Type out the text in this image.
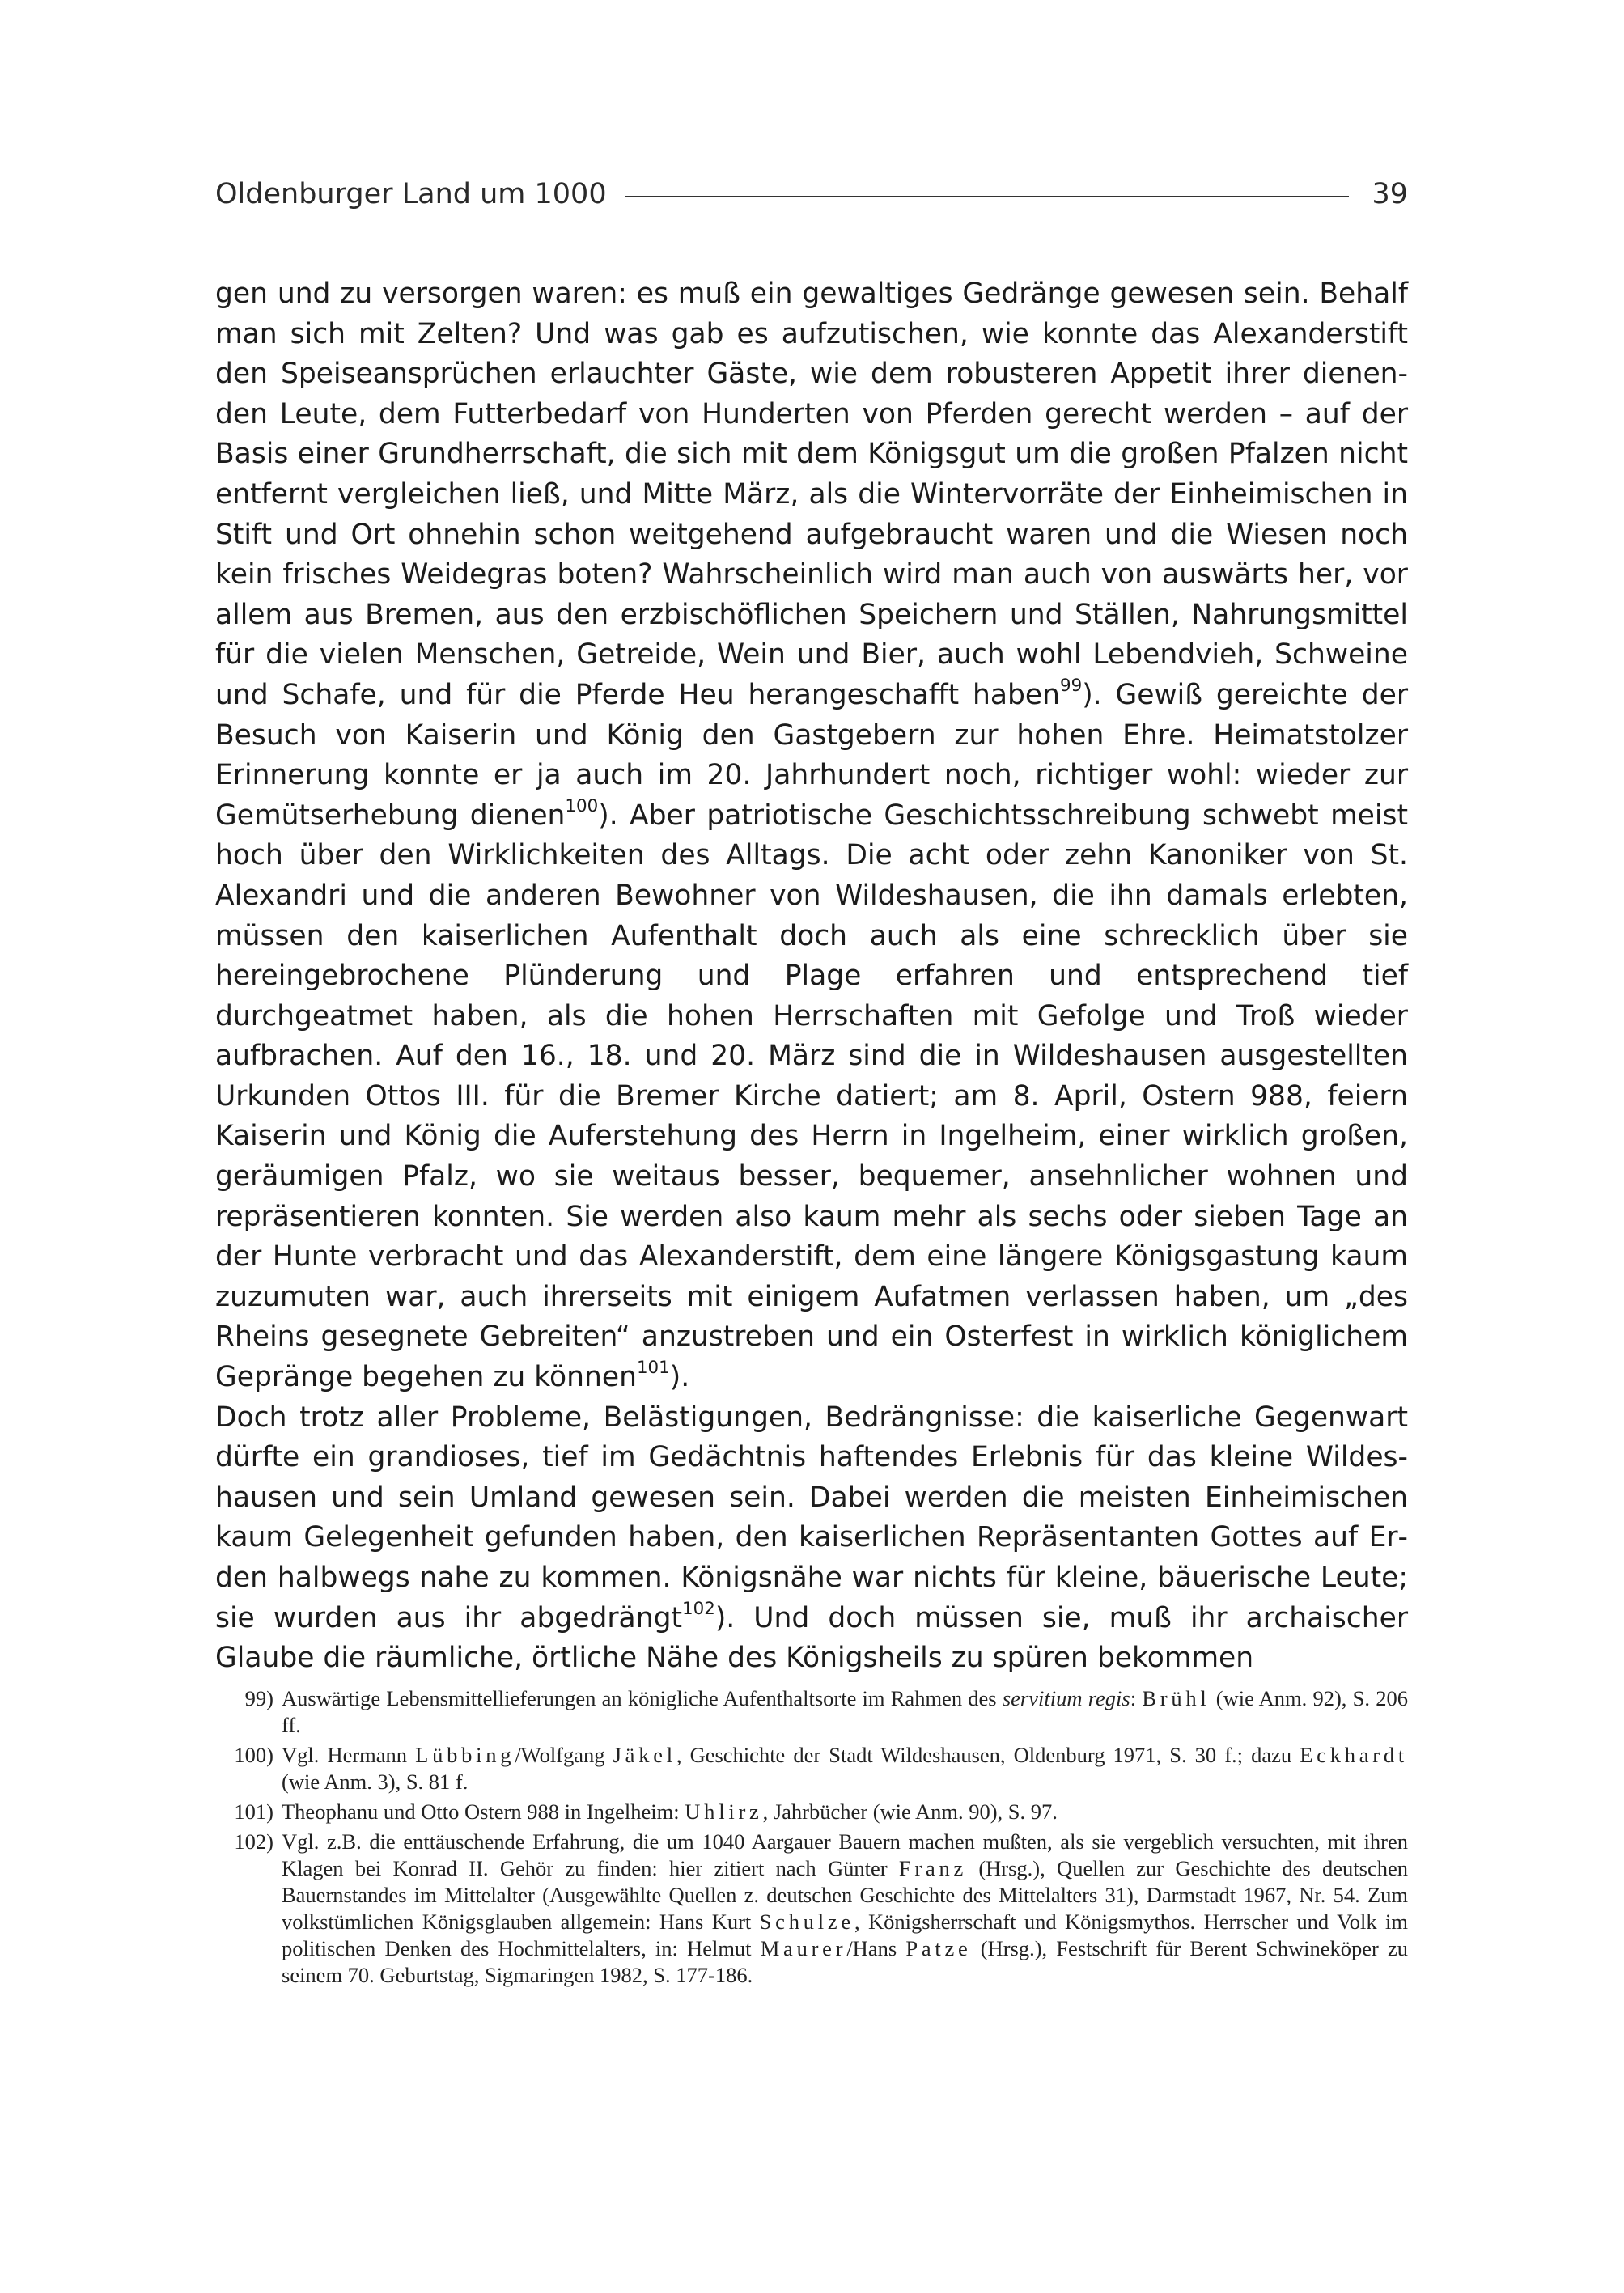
Oldenburger Land um 1000	39

gen und zu versorgen waren: es muß ein gewaltiges Gedränge gewesen sein. Behalf man sich mit Zelten? Und was gab es aufzutischen, wie konnte das Alexanderstift den Speiseansprüchen erlauchter Gäste, wie dem robusteren Appetit ihrer dienenden Leute, dem Futterbedarf von Hunderten von Pferden gerecht werden – auf der Basis einer Grundherrschaft, die sich mit dem Königsgut um die großen Pfalzen nicht entfernt vergleichen ließ, und Mitte März, als die Wintervorräte der Einheimischen in Stift und Ort ohnehin schon weitgehend aufgebraucht waren und die Wiesen noch kein frisches Weidegras boten? Wahrscheinlich wird man auch von auswärts her, vor allem aus Bremen, aus den erzbischöflichen Speichern und Ställen, Nahrungsmittel für die vielen Menschen, Getreide, Wein und Bier, auch wohl Lebendvieh, Schweine und Schafe, und für die Pferde Heu herangeschafft haben$^{99}$). Gewiß gereichte der Besuch von Kaiserin und König den Gastgebern zur hohen Ehre. Heimatstolzer Erinnerung konnte er ja auch im 20. Jahrhundert noch, richtiger wohl: wieder zur Gemütserhebung dienen$^{100}$). Aber patriotische Geschichtsschreibung schwebt meist hoch über den Wirklichkeiten des Alltags. Die acht oder zehn Kanoniker von St. Alexandri und die anderen Bewohner von Wildeshausen, die ihn damals erlebten, müssen den kaiserlichen Aufenthalt doch auch als eine schrecklich über sie hereingebrochene Plünderung und Plage erfahren und entsprechend tief durchgeatmet haben, als die hohen Herrschaften mit Gefolge und Troß wieder aufbrachen. Auf den 16., 18. und 20. März sind die in Wildeshausen ausgestellten Urkunden Ottos III. für die Bremer Kirche datiert; am 8. April, Ostern 988, feiern Kaiserin und König die Auferstehung des Herrn in Ingelheim, einer wirklich großen, geräumigen Pfalz, wo sie weitaus besser, bequemer, ansehnlicher wohnen und repräsentieren konnten. Sie werden also kaum mehr als sechs oder sieben Tage an der Hunte verbracht und das Alexanderstift, dem eine längere Königsgastung kaum zuzumuten war, auch ihrerseits mit einigem Aufatmen verlassen haben, um „des Rheins gesegnete Gebreiten“ anzustreben und ein Osterfest in wirklich königlichem Gepränge begehen zu können$^{101}$).

Doch trotz aller Probleme, Belästigungen, Bedrängnisse: die kaiserliche Gegenwart dürfte ein grandioses, tief im Gedächtnis haftendes Erlebnis für das kleine Wildeshausen und sein Umland gewesen sein. Dabei werden die meisten Einheimischen kaum Gelegenheit gefunden haben, den kaiserlichen Repräsentanten Gottes auf Erden halbwegs nahe zu kommen. Königsnähe war nichts für kleine, bäuerische Leute; sie wurden aus ihr abgedrängt$^{102}$). Und doch müssen sie, muß ihr archaischer Glaube die räumliche, örtliche Nähe des Königsheils zu spüren bekommen

99) Auswärtige Lebensmittellieferungen an königliche Aufenthaltsorte im Rahmen des servitium regis: Brühl (wie Anm. 92), S. 206 ff.
100) Vgl. Hermann Lübbing/Wolfgang Jäkel, Geschichte der Stadt Wildeshausen, Oldenburg 1971, S. 30 f.; dazu Eckhardt (wie Anm. 3), S. 81 f.
101) Theophanu und Otto Ostern 988 in Ingelheim: Uhlirz, Jahrbücher (wie Anm. 90), S. 97.
102) Vgl. z.B. die enttäuschende Erfahrung, die um 1040 Aargauer Bauern machen mußten, als sie vergeblich versuchten, mit ihren Klagen bei Konrad II. Gehör zu finden: hier zitiert nach Günter Franz (Hrsg.), Quellen zur Geschichte des deutschen Bauernstandes im Mittelalter (Ausgewählte Quellen z. deutschen Geschichte des Mittelalters 31), Darmstadt 1967, Nr. 54. Zum volkstümlichen Königsglauben allgemein: Hans Kurt Schulze, Königsherrschaft und Königsmythos. Herrscher und Volk im politischen Denken des Hochmittelalters, in: Helmut Maurer/Hans Patze (Hrsg.), Festschrift für Berent Schwineköper zu seinem 70. Geburtstag, Sigmaringen 1982, S. 177-186.
